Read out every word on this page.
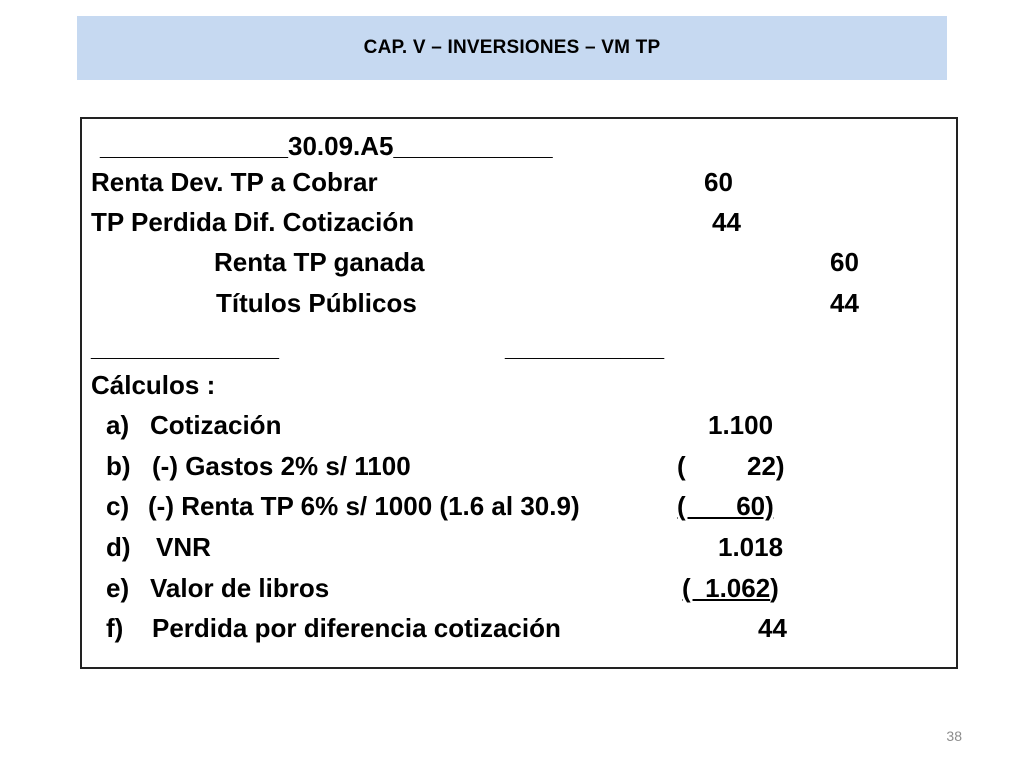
CAP. V – INVERSIONES – VM TP
_____________30.09.A5___________
Renta Dev. TP a Cobrar	60
TP Perdida Dif. Cotización	44
Renta TP ganada	60
Títulos Públicos	44
_____________	___________
Cálculos :
a) Cotización	1.100
b) (-) Gastos 2% s/ 1100	( 22)
c) (-) Renta TP 6% s/ 1000 (1.6 al 30.9)	(       60)
d) VNR	1.018
e) Valor de libros	(  1.062)
f) Perdida por diferencia cotización	44
38
